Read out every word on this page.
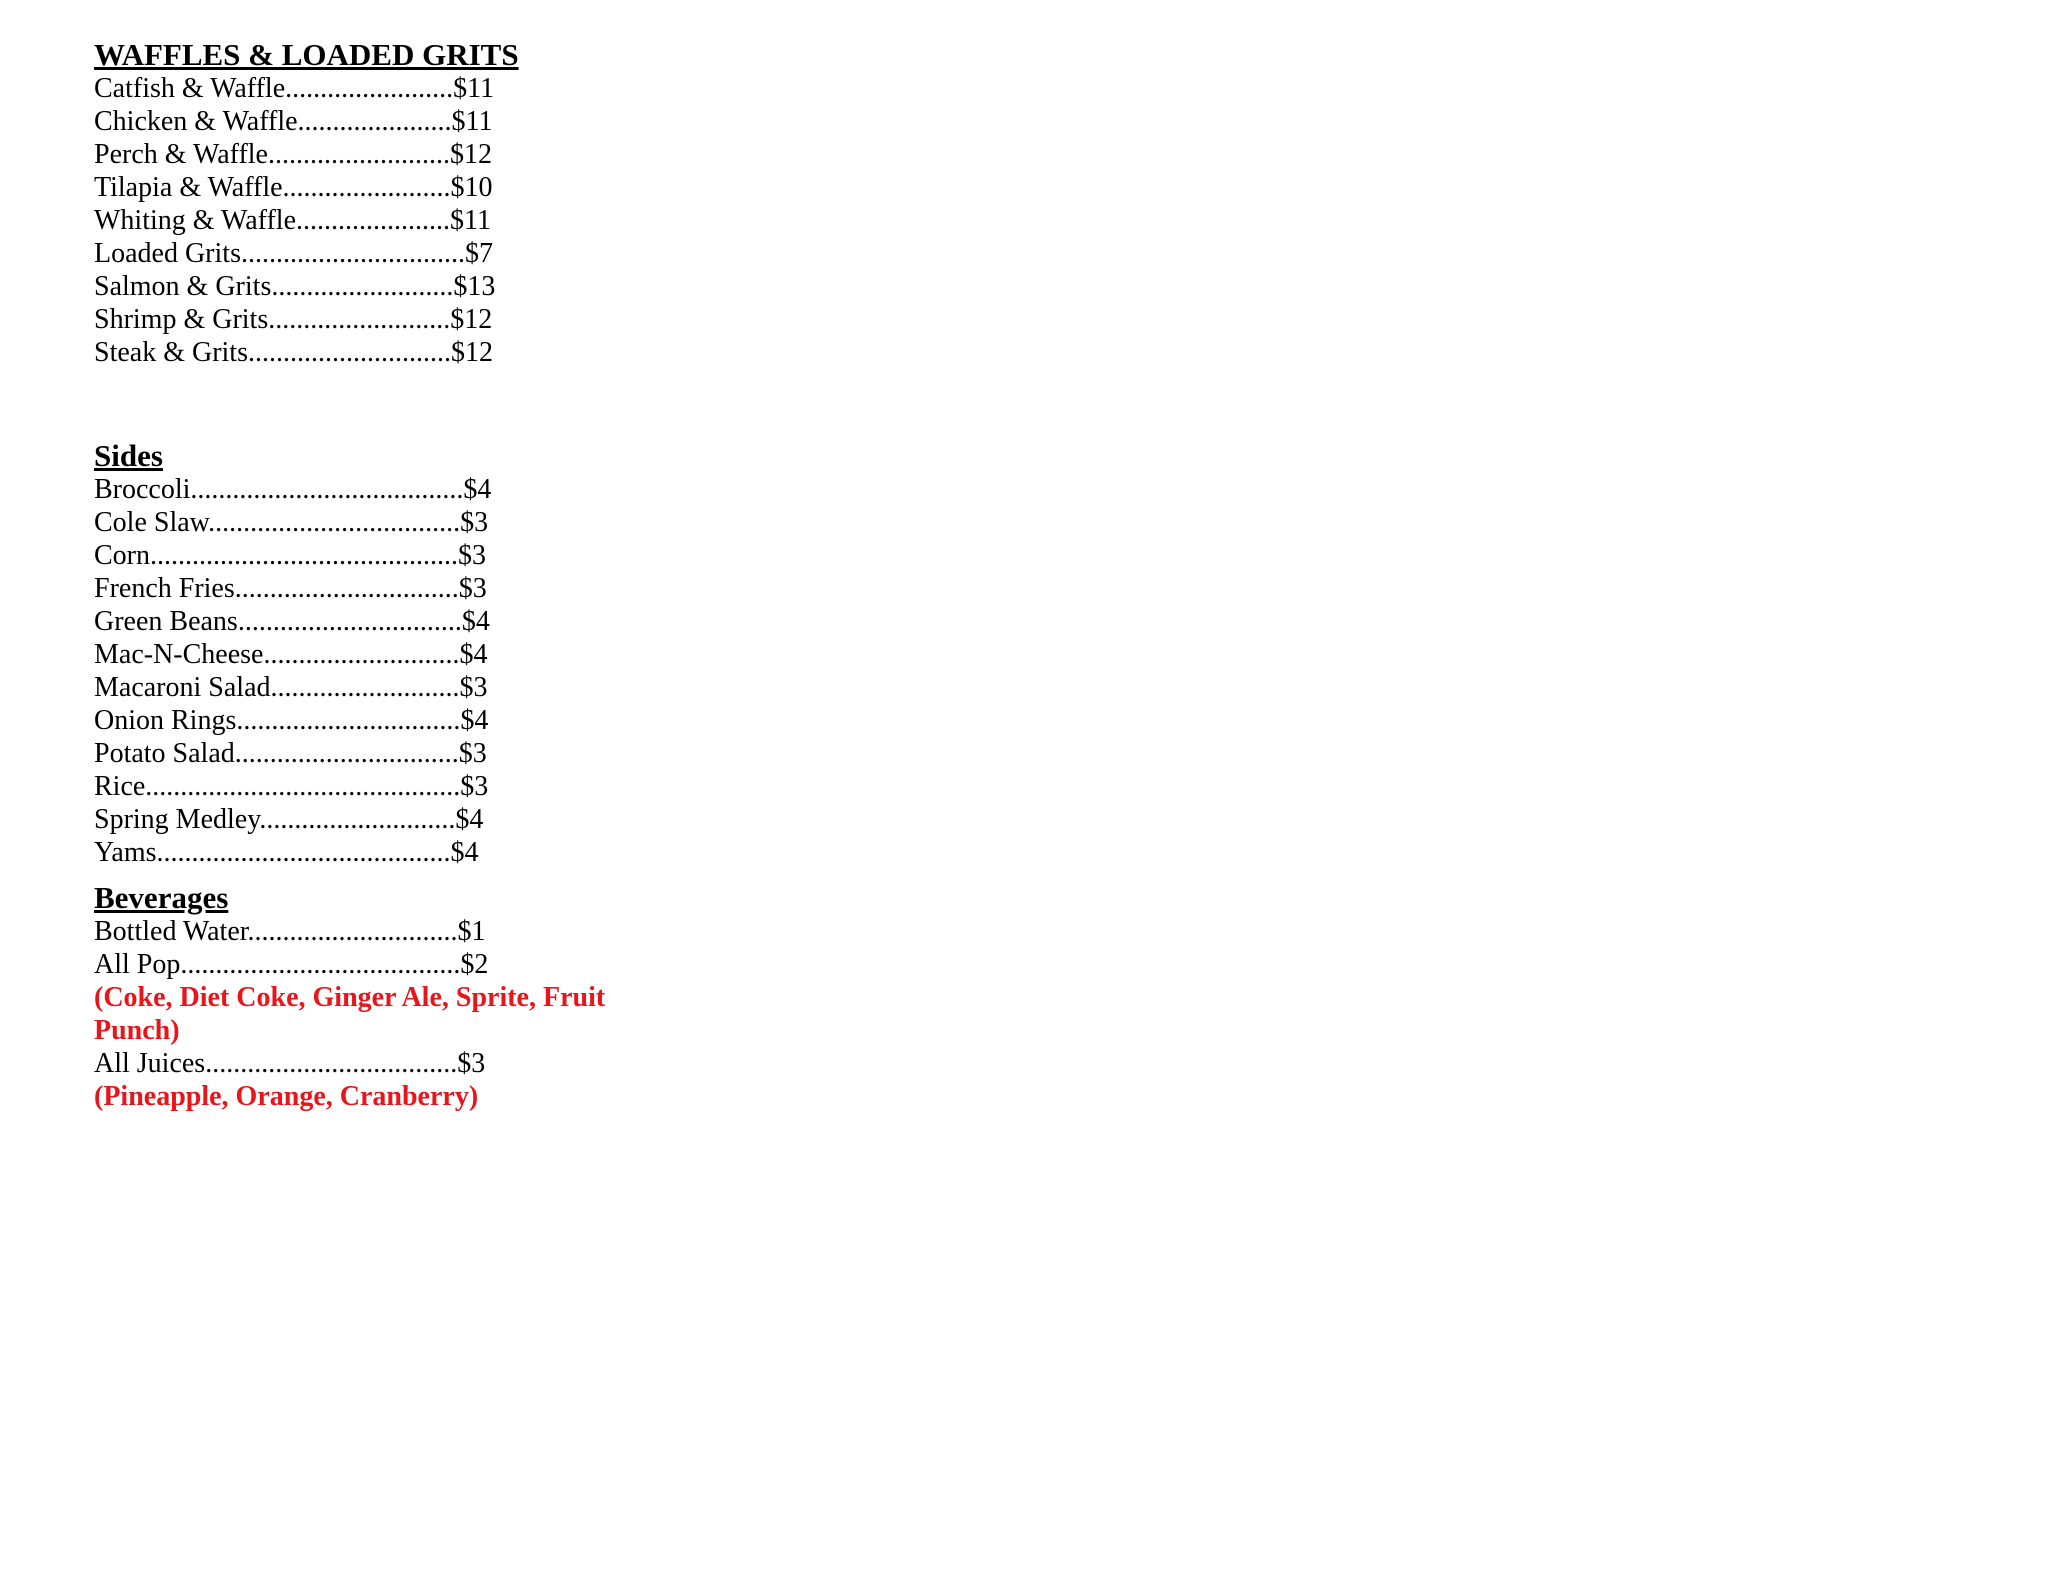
WAFFLES & LOADED GRITS

Catfish & Waffle........................$11

Chicken & Waffle......................$11

Perch & Waffle..........................$12

Tilapia & Waffle........................$10

Whiting & Waffle......................$11

Loaded Grits................................$7

Salmon & Grits..........................$13

Shrimp & Grits..........................$12

Steak & Grits.............................$12

Sides

Broccoli.......................................$4

Cole Slaw....................................$3

Corn............................................$3

French Fries................................$3

Green Beans................................$4

Mac-N-Cheese............................$4

Macaroni Salad...........................$3

Onion Rings................................$4

Potato Salad................................$3

Rice.............................................$3

Spring Medley............................$4

Yams..........................................$4

Beverages

Bottled Water..............................$1

All Pop........................................$2

(Coke, Diet Coke, Ginger Ale, Sprite, Fruit Punch)

All Juices....................................$3

(Pineapple, Orange, Cranberry)
